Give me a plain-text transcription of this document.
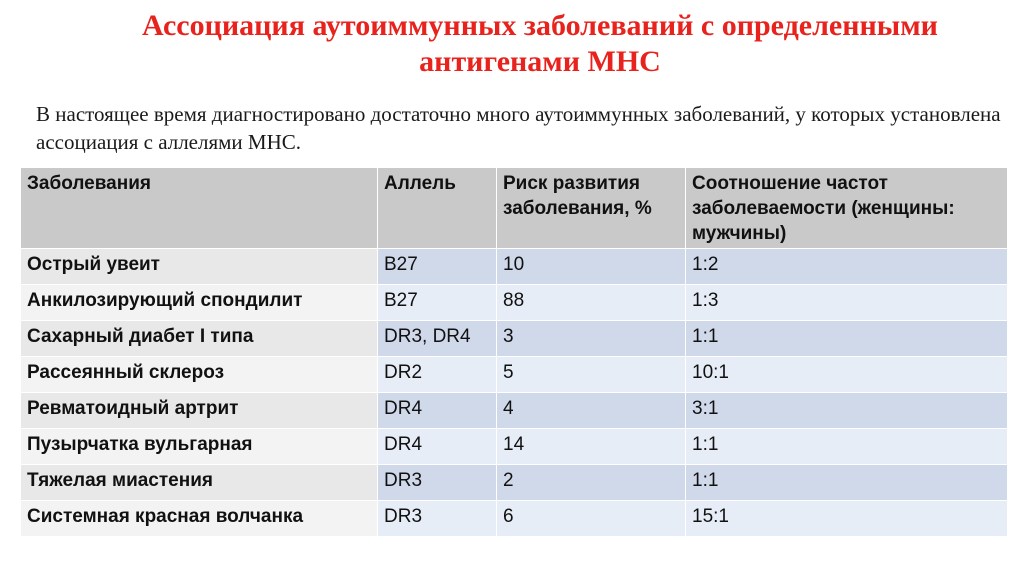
Ассоциация аутоиммунных заболеваний с определенными антигенами МНС

В настоящее время диагностировано достаточно много аутоиммунных заболеваний, у которых установлена ассоциация с аллелями МНС.

Заболевания	Аллель	Риск развития заболевания, %	Соотношение частот заболеваемости (женщины: мужчины)
Острый увеит	B27	10	1:2
Анкилозирующий спондилит	B27	88	1:3
Сахарный диабет I типа	DR3, DR4	3	1:1
Рассеянный склероз	DR2	5	10:1
Ревматоидный артрит	DR4	4	3:1
Пузырчатка вульгарная	DR4	14	1:1
Тяжелая миастения	DR3	2	1:1
Системная красная волчанка	DR3	6	15:1
